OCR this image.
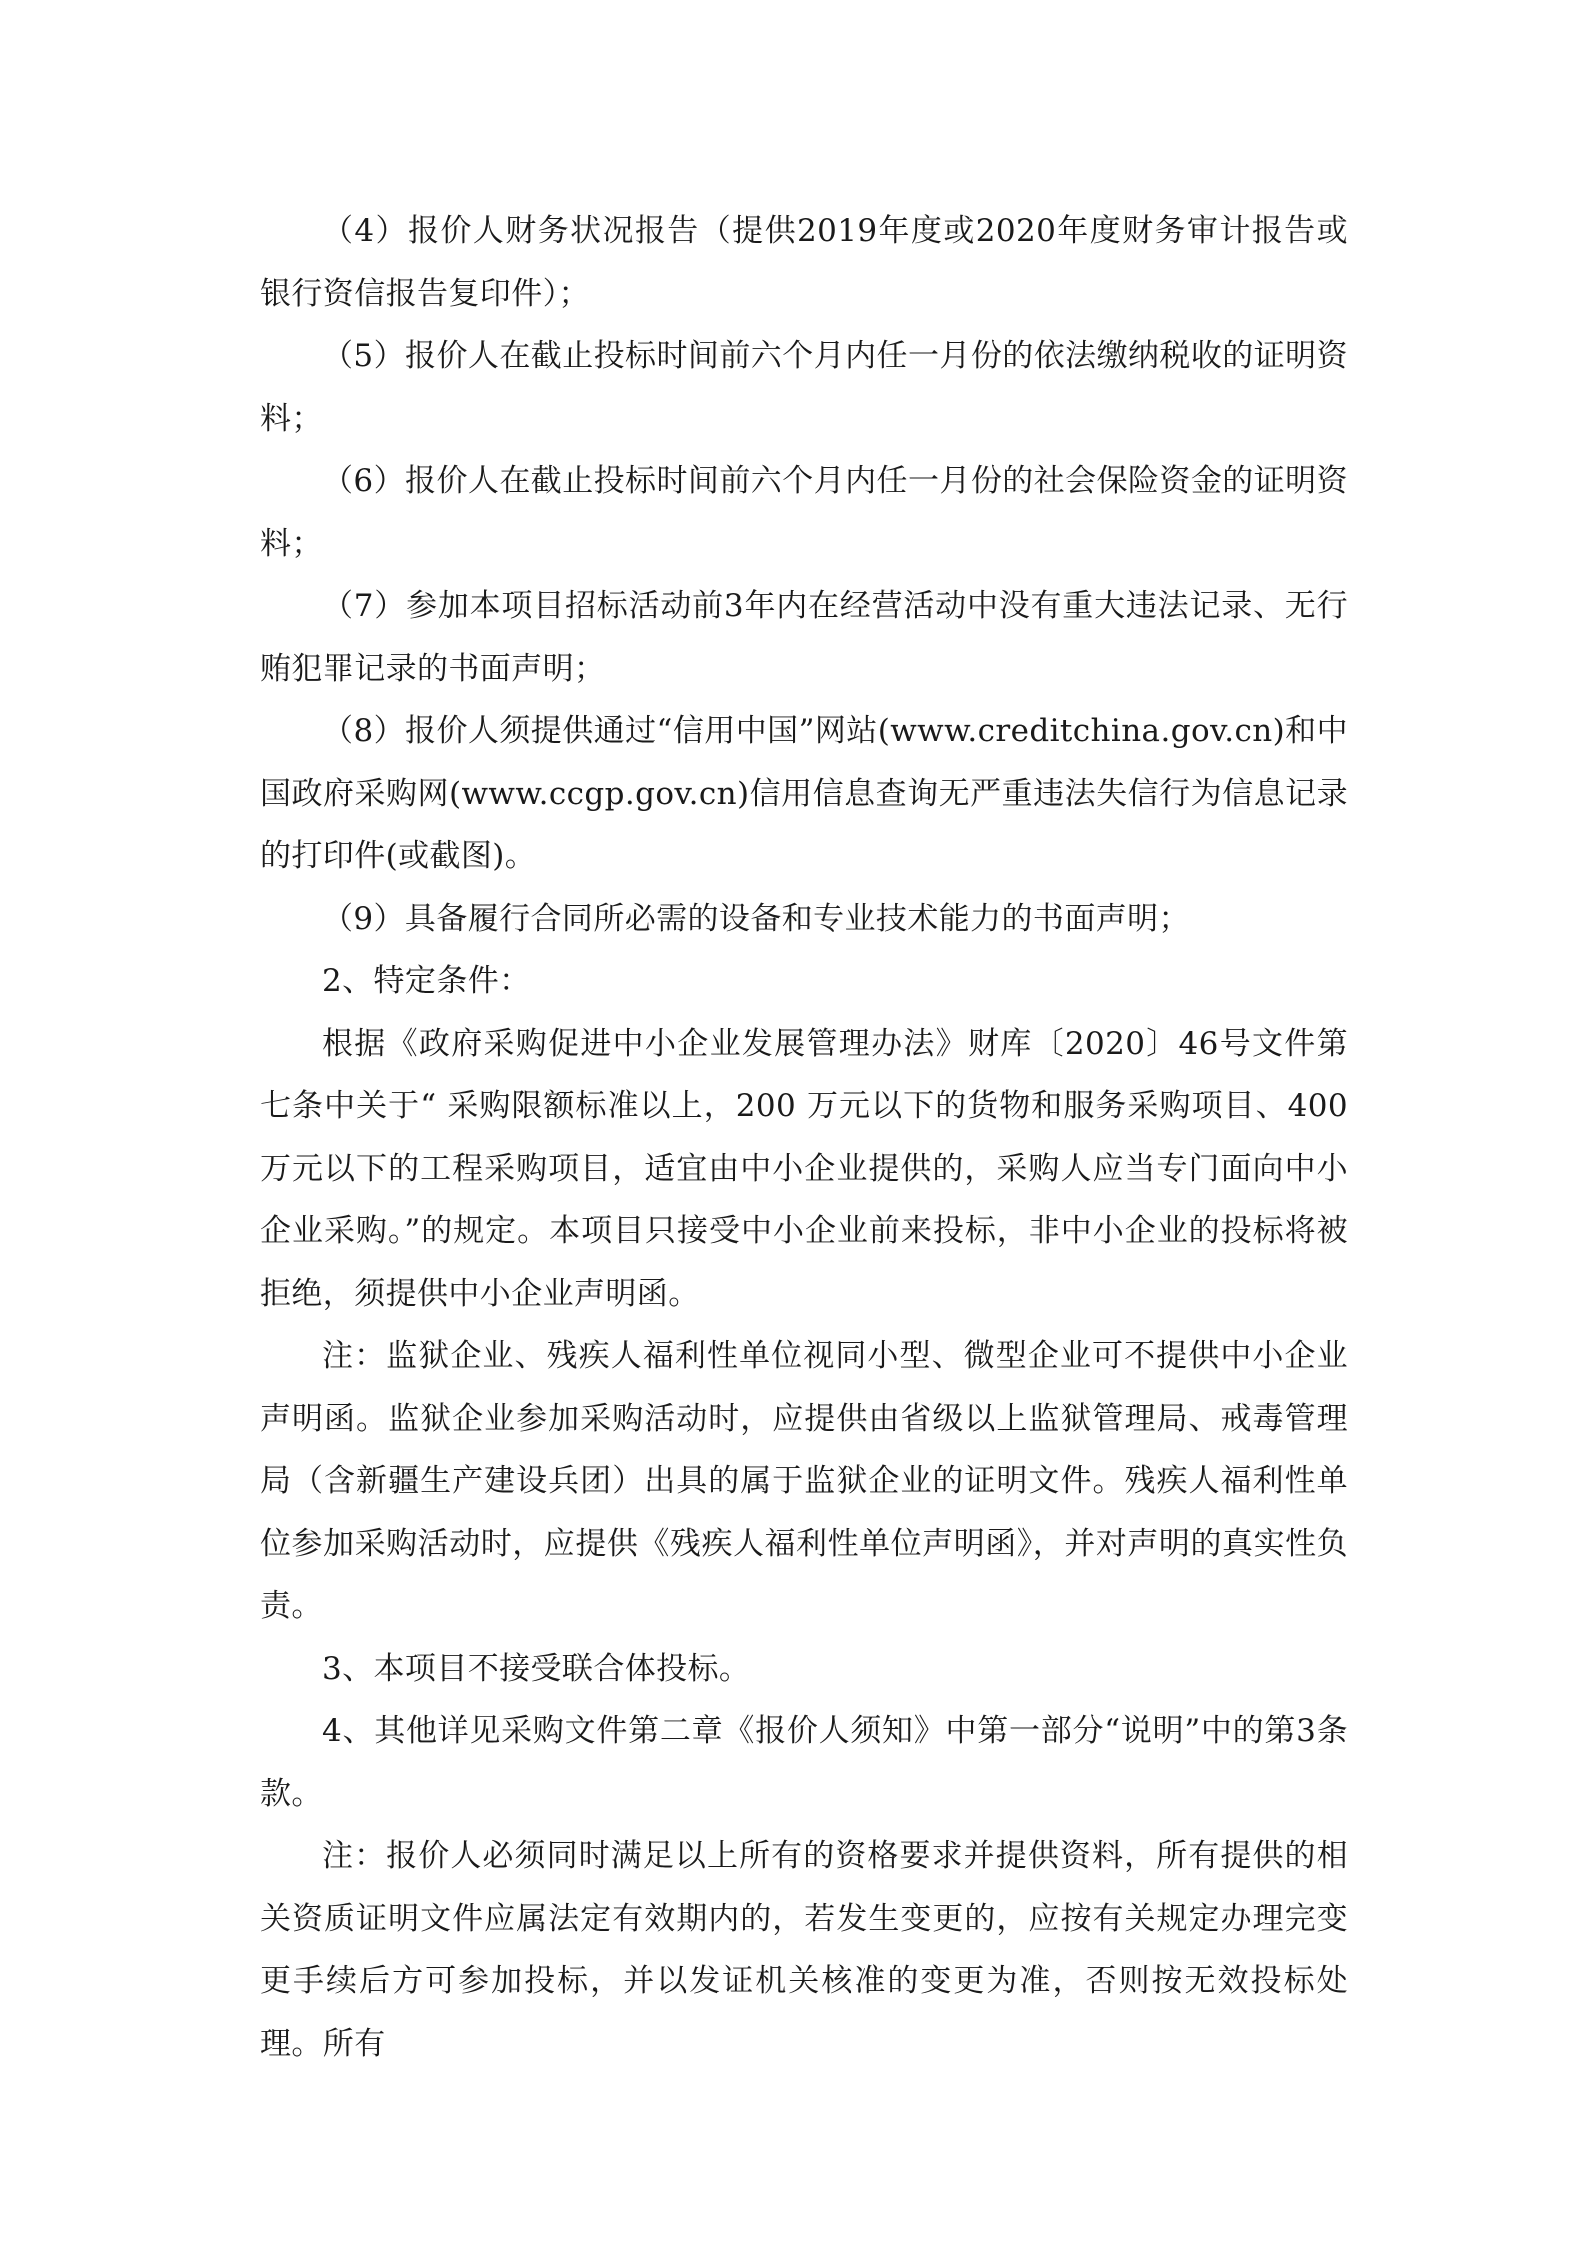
（4）报价人财务状况报告（提供2019年度或2020年度财务审计报告或银行资信报告复印件）；

（5）报价人在截止投标时间前六个月内任一月份的依法缴纳税收的证明资料；

（6）报价人在截止投标时间前六个月内任一月份的社会保险资金的证明资料；

（7）参加本项目招标活动前3年内在经营活动中没有重大违法记录、无行贿犯罪记录的书面声明；

（8）报价人须提供通过“信用中国”网站(www.creditchina.gov.cn)和中国政府采购网(www.ccgp.gov.cn)信用信息查询无严重违法失信行为信息记录的打印件(或截图)。

（9）具备履行合同所必需的设备和专业技术能力的书面声明；

2、特定条件：

根据《政府采购促进中小企业发展管理办法》财库〔2020〕46号文件第七条中关于“ 采购限额标准以上，200 万元以下的货物和服务采购项目、400 万元以下的工程采购项目，适宜由中小企业提供的，采购人应当专门面向中小企业采购。”的规定。本项目只接受中小企业前来投标，非中小企业的投标将被拒绝，须提供中小企业声明函。

注：监狱企业、残疾人福利性单位视同小型、微型企业可不提供中小企业声明函。监狱企业参加采购活动时，应提供由省级以上监狱管理局、戒毒管理局（含新疆生产建设兵团）出具的属于监狱企业的证明文件。残疾人福利性单位参加采购活动时，应提供《残疾人福利性单位声明函》，并对声明的真实性负责。

3、本项目不接受联合体投标。

4、其他详见采购文件第二章《报价人须知》中第一部分“说明”中的第3条款。

注：报价人必须同时满足以上所有的资格要求并提供资料，所有提供的相关资质证明文件应属法定有效期内的，若发生变更的，应按有关规定办理完变更手续后方可参加投标，并以发证机关核准的变更为准，否则按无效投标处理。所有
